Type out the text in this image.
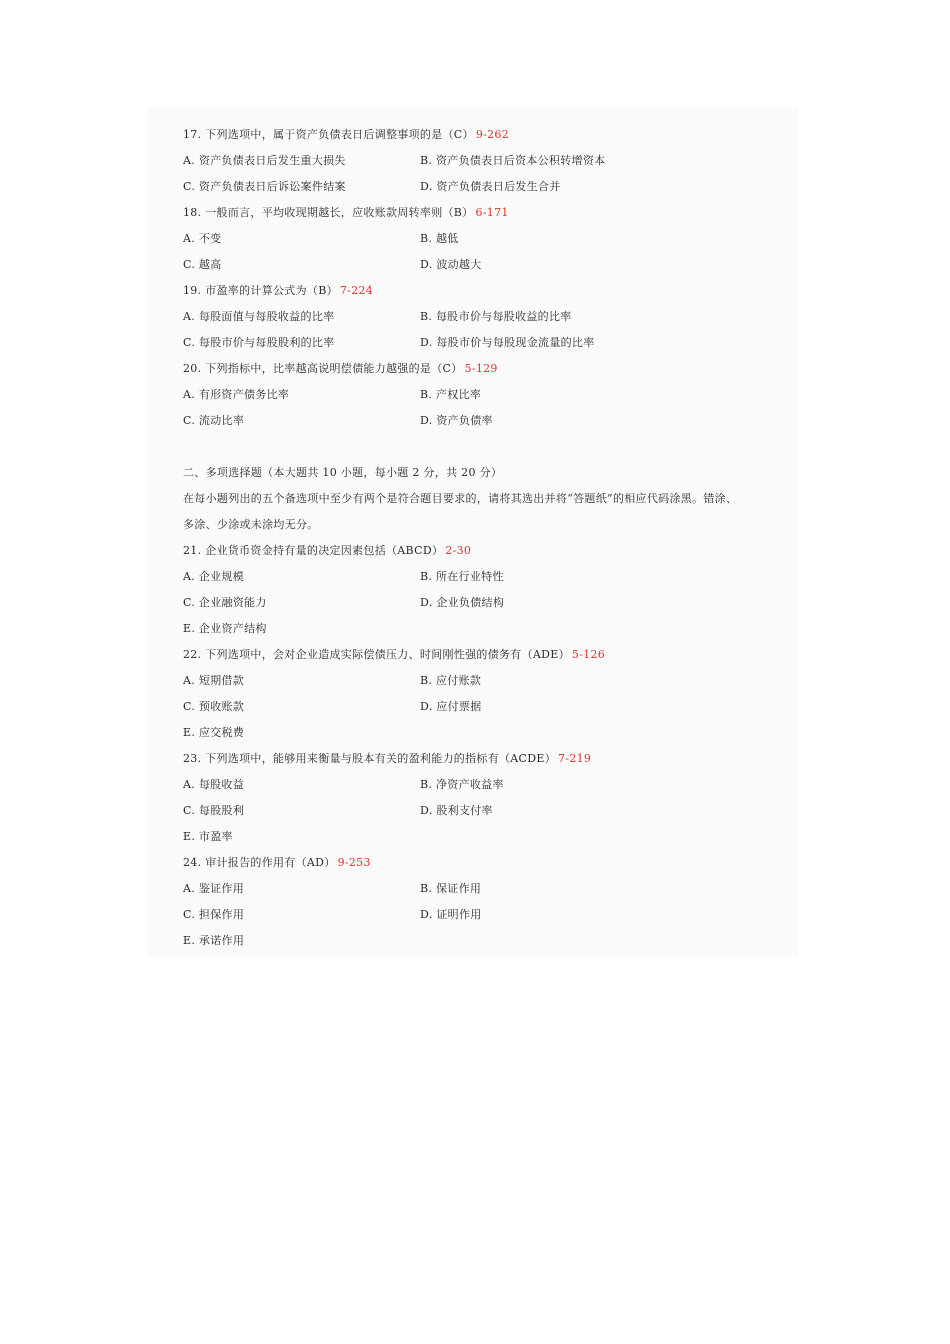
17. 下列选项中，属于资产负债表日后调整事项的是（C） 9-262
A. 资产负债表日后发生重大损失	B. 资产负债表日后资本公积转增资本
C. 资产负债表日后诉讼案件结案	D. 资产负债表日后发生合并
18. 一般而言，平均收现期越长，应收账款周转率则（B） 6-171
A. 不变	B. 越低
C. 越高	D. 波动越大
19. 市盈率的计算公式为（B） 7-224
A. 每股面值与每股收益的比率	B. 每股市价与每股收益的比率
C. 每股市价与每股股利的比率	D. 每股市价与每股现金流量的比率
20. 下列指标中，比率越高说明偿债能力越强的是（C） 5-129
A. 有形资产债务比率	B. 产权比率
C. 流动比率	D. 资产负债率
二、多项选择题（本大题共 10 小题，每小题 2 分，共 20 分）
在每小题列出的五个备选项中至少有两个是符合题目要求的，请将其选出并将“答题纸”的相应代码涂黑。错涂、
多涂、少涂或未涂均无分。
21. 企业货币资金持有量的决定因素包括（ABCD） 2-30
A. 企业规模	B. 所在行业特性
C. 企业融资能力	D. 企业负债结构
E. 企业资产结构
22. 下列选项中，会对企业造成实际偿债压力、时间刚性强的债务有（ADE） 5-126
A. 短期借款	B. 应付账款
C. 预收账款	D. 应付票据
E. 应交税费
23. 下列选项中，能够用来衡量与股本有关的盈利能力的指标有（ACDE） 7-219
A. 每股收益	B. 净资产收益率
C. 每股股利	D. 股利支付率
E. 市盈率
24. 审计报告的作用有（AD） 9-253
A. 鉴证作用	B. 保证作用
C. 担保作用	D. 证明作用
E. 承诺作用
